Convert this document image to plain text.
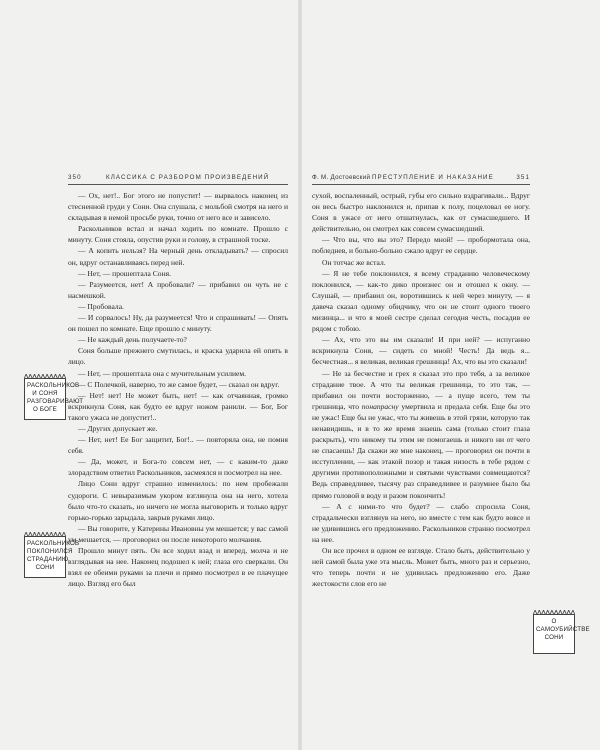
350	КЛАССИКА С РАЗБОРОМ ПРОИЗВЕДЕНИЙ

— Ох, нет!.. Бог этого не попустит! — вырвалось наконец из стесненной груди у Сони. Она слушала, с мольбой смотря на него и складывая в немой просьбе руки, точно от него все и зависело.

Раскольников встал и начал ходить по комнате. Прошло с минуту. Соня стояла, опустив руки и голову, в страшной тоске.

— А копить нельзя? На черный день откладывать? — спросил он, вдруг останавливаясь перед ней.

— Нет, — прошептала Соня.

— Разумеется, нет! А пробовали? — прибавил он чуть не с насмешкой.

— Пробовала.

— И сорвалось! Ну, да разумеется! Что и спрашивать! — Опять он пошел по комнате. Еще прошло с минуту.

— Не каждый день получаете-то?

Соня больше прежнего смутилась, и краска ударила ей опять в лицо.

— Нет, — прошептала она с мучительным усилием.

— С Полечкой, наверно, то же самое будет, — сказал он вдруг.

— Нет! нет! Не может быть, нет! — как отчаянная, громко вскрикнула Соня, как будто ее вдруг ножом ранили. — Бог, Бог такого ужаса не допустит!..

— Других допускает же.

— Нет, нет! Ее Бог защитит, Бог!.. — повторяла она, не помня себя.

— Да, может, и Бога-то совсем нет, — с каким-то даже злорадством ответил Раскольников, засмеялся и посмотрел на нее.

Лицо Сони вдруг страшно изменилось: по нем пробежали судороги. С невыразимым укором взглянула она на него, хотела было что-то сказать, но ничего не могла выговорить и только вдруг горько-горько зарыдала, закрыв руками лицо.

— Вы говорите, у Катерины Ивановны ум мешается; у вас самой ум мешается, — проговорил он после некоторого молчания.

Прошло минут пять. Он все ходил взад и вперед, молча и не взглядывая на нее. Наконец подошел к ней; глаза его сверкали. Он взял ее обеими руками за плечи и прямо посмотрел в ее плачущее лицо. Взгляд его был

РАСКОЛЬНИКОВ И СОНЯ РАЗГОВАРИВАЮТ О БОГЕ
РАСКОЛЬНИКОВ ПОКЛОНИЛСЯ СТРАДАНИЮ СОНИ
Ф. М. Достоевский ПРЕСТУПЛЕНИЕ И НАКАЗАНИЕ	351

сухой, воспаленный, острый, губы его сильно вздрагивали... Вдруг он весь быстро наклонился и, припав к полу, поцеловал ее ногу. Соня в ужасе от него отшатнулась, как от сумасшедшего. И действительно, он смотрел как совсем сумасшедший.

— Что вы, что вы это? Передо мной! — пробормотала она, побледнев, и больно-больно сжало вдруг ее сердце.

Он тотчас же встал.

— Я не тебе поклонился, я всему страданию человеческому поклонился, — как-то дико произнес он и отошел к окну. — Слушай, — прибавил он, воротившись к ней через минуту, — я давеча сказал одному обидчику, что он не стоит одного твоего мизинца... и что я моей сестре сделал сегодня честь, посадив ее рядом с тобою.

— Ах, что это вы им сказали! И при ней? — испуганно вскрикнула Соня, — сидеть со мной! Честь! Да ведь я... бесчестная... я великая, великая грешница! Ах, что вы это сказали!

— Не за бесчестие и грех я сказал это про тебя, а за великое страдание твое. А что ты великая грешница, то это так, — прибавил он почти восторженно, — а пуще всего, тем ты грешница, что понапрасну умертвила и предала себя. Еще бы это не ужас! Еще бы не ужас, что ты живешь в этой грязи, которую так ненавидишь, и в то же время знаешь сама (только стоит глаза раскрыть), что никому ты этим не помогаешь и никого ни от чего не спасаешь! Да скажи же мне наконец, — проговорил он почти в исступлении, — как этакой позор и такая низость в тебе рядом с другими противоположными и святыми чувствами совмещаются? Ведь справедливее, тысячу раз справедливее и разумнее было бы прямо головой в воду и разом покончить!

— А с ними-то что будет? — слабо спросила Соня, страдальчески взглянув на него, но вместе с тем как будто вовсе и не удивившись его предложению. Раскольников странно посмотрел на нее.

Он все прочел в одном ее взгляде. Стало быть, действительно у ней самой была уже эта мысль. Может быть, много раз и серьезно, что теперь почти и не удивилась предложению его. Даже жестокости слов его не

О САМОУБИЙСТВЕ СОНИ
